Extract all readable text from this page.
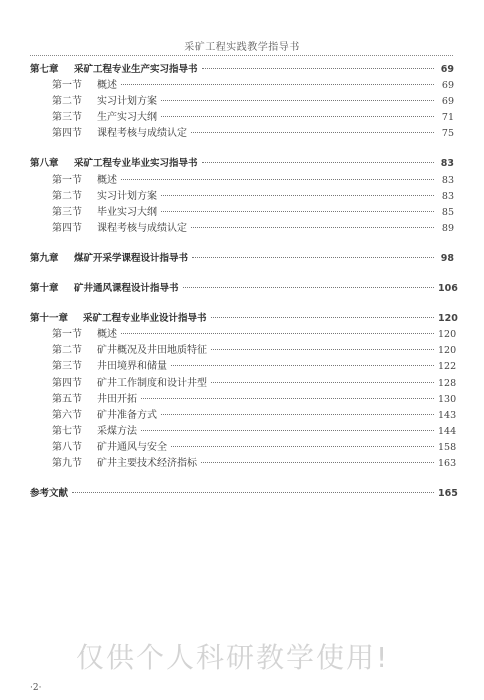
采矿工程实践教学指导书
第七章	采矿工程专业生产实习指导书	69
第一节	概述	69
第二节	实习计划方案	69
第三节	生产实习大纲	71
第四节	课程考核与成绩认定	75
第八章	采矿工程专业毕业实习指导书	83
第一节	概述	83
第二节	实习计划方案	83
第三节	毕业实习大纲	85
第四节	课程考核与成绩认定	89
第九章	煤矿开采学课程设计指导书	98
第十章	矿井通风课程设计指导书	106
第十一章	采矿工程专业毕业设计指导书	120
第一节	概述	120
第二节	矿井概况及井田地质特征	120
第三节	井田境界和储量	122
第四节	矿井工作制度和设计井型	128
第五节	井田开拓	130
第六节	矿井准备方式	143
第七节	采煤方法	144
第八节	矿井通风与安全	158
第九节	矿井主要技术经济指标	163
参考文献	165
仅供个人科研教学使用!
·2·
